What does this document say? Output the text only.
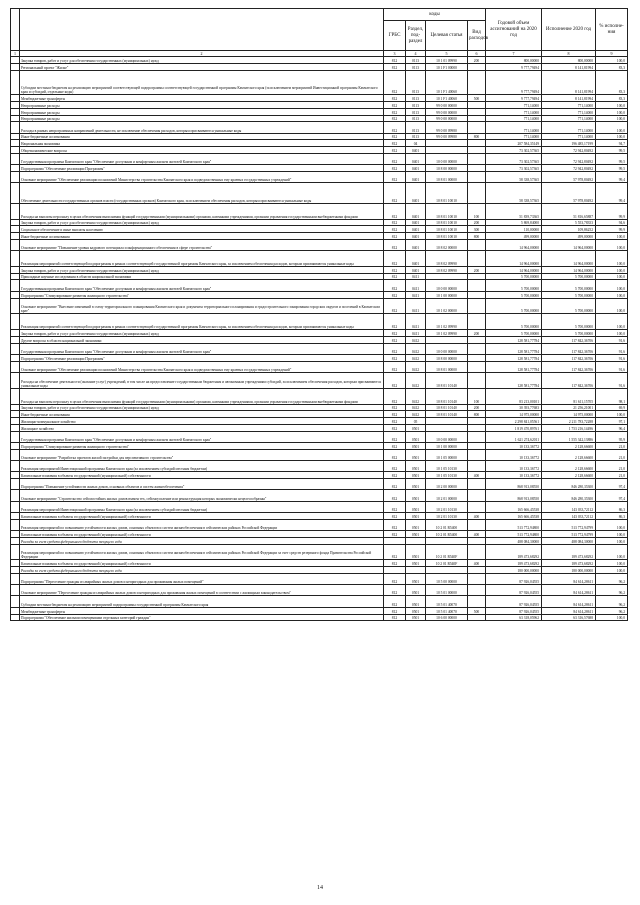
		коды				Годовой объем ассигнований на 2020 год	Исполнение 2020 год	% исполне-ния
		ГРБС	Раздел, под-раздел	Целевая статья	Вид расходов			
1	2	3	4	5	6	7	8	9
	Закупка товаров, работ и услуг для обеспечения государственных (муниципальных) нужд	812	0113	10 1 01 09990	200	800,00000	800,00000	100,0
	Региональный проект "Жилье"	812	0113	10 1 F1 00000		9 777,79494	8 141,81994	83,3
	Субсидии местным бюджетам на реализацию мероприятий соответствующей подпрограммы соответствующей государственной программы Камчатского края (за исключением мероприятий Инвестиционной программы Камчатского края и субсидий, отдельные коды)	812	0113	10 1 F1 40060		9 777,79494	8 141,81994	83,3
	Межбюджетные трансферты	812	0113	10 1 F1 40060	500	9 777,79494	8 141,81994	83,3
	Непрограммные расходы	812	0113	99 0 00 00000		771,14000	771,14000	100,0
	Непрограммные расходы	812	0113	99 0 00 00000		771,14000	771,14000	100,0
	Непрограммные расходы	812	0113	99 0 00 00000		771,14000	771,14000	100,0
	Расходы в рамках непрограммных направлений деятельности, не исключение обеспечения расходов, которым присваиваются уникальные коды	812	0113	99 0 00 09980		771,14000	771,14000	100,0
	Иные бюджетные ассигнования	812	0113	99 0 00 09980	800	771,14000	771,14000	100,0
	Национальная экономика	812	04			207 584,35149	196 485,17199	94,7
	Общеэкономические вопросы	812	0401			73 302,57365	72 942,80492	99,5
	Государственная программа Камчатского края "Обеспечение доступным и комфортным жильем жителей Камчатского края"	812	0401	10 0 00 00000		73 302,57365	72 942,80492	99,5
	Подпрограмма "Обеспечение реализации Программы"	812	0401	10 8 00 00000		73 302,57365	72 942,80492	99,5
	Основное мероприятие "Обеспечение реализации полномочий Министерства строительства Камчатского края и подведомственных ему краевых государственных учреждений"	812	0401	10 8 01 00000		58 338,57365	57 978,80492	99,4
	Обеспечение деятельности государственных органов власти (государственных органов) Камчатского края, за исключением обеспечения расходов, которым присваиваются уникальные коды	812	0401	10 8 01 10010		58 338,57365	57 978,80492	99,4
	Расходы на выплаты персоналу в целях обеспечения выполнения функций государственными (муниципальными) органами, казенными учреждениями, органами управления государственными внебюджетными фондами	812	0401	10 8 01 10010	100	51 839,73365	51 816,65887	99,9
	Закупка товаров, работ и услуг для обеспечения государственных (муниципальных) нужд	812	0401	10 8 01 10010	200	5 869,84000	5 553,78353	94,6
	Социальное обеспечение и иные выплаты населению	812	0401	10 8 01 10010	300	110,00000	109,86252	99,9
	Иные бюджетные ассигнования	812	0401	10 8 01 10010	800	499,00000	499,00000	100,0
	Основное мероприятие "Повышение уровня кадрового потенциала и информационного обеспечения в сфере строительства"	812	0401	10 8 02 00000		14 964,00000	14 964,00000	100,0
	Реализация мероприятий соответствующей подпрограммы в рамках соответствующей государственной программы Камчатского края, за исключением обеспечения расходов, которым присваиваются уникальные коды	812	0401	10 8 02 09990		14 964,00000	14 964,00000	100,0
	Закупка товаров, работ и услуг для обеспечения государственных (муниципальных) нужд	812	0401	10 8 02 09990	200	14 964,00000	14 964,00000	100,0
	Прикладные научные исследования в области национальной экономики	812	0411			5 700,00000	5 700,00000	100,0
	Государственная программа Камчатского края "Обеспечение доступным и комфортным жильем жителей Камчатского края"	812	0411	10 0 00 00000		5 700,00000	5 700,00000	100,0
	Подпрограмма "Стимулирование развития жилищного строительства"	812	0411	10 1 00 00000		5 700,00000	5 700,00000	100,0
	Основное мероприятие "Внесение изменений в схему территориального планирования Камчатского края и документы территориального планирования и градостроительного зонирования городских округов и поселений в Камчатском крае"	812	0411	10 1 02 00000		5 700,00000	5 700,00000	100,0
	Реализация мероприятий соответствующей подпрограммы в рамках соответствующей государственной программы Камчатского края, за исключением обеспечения расходов, которым присваиваются уникальные коды	812	0411	10 1 02 09990		5 700,00000	5 700,00000	100,0
	Закупка товаров, работ и услуг для обеспечения государственных (муниципальных) нужд	812	0411	10 1 02 09990	200	5 700,00000	5 700,00000	100,0
	Другие вопросы в области национальной экономики	812	0412			128 581,77784	117 842,36706	91,6
	Государственная программа Камчатского края "Обеспечение доступным и комфортным жильем жителей Камчатского края"	812	0412	10 0 00 00000		128 581,77784	117 842,36706	91,6
	Подпрограмма "Обеспечение реализации Программы"	812	0412	10 8 00 00000		128 581,77784	117 842,36706	91,6
	Основное мероприятие "Обеспечение реализации полномочий Министерства строительства Камчатского края и подведомственных ему краевых государственных учреждений"	812	0412	10 8 01 00000		128 581,77784	117 842,36706	91,6
	Расходы на обеспечение деятельности (оказание услуг) учреждений, в том числе на предоставление государственным бюджетным и автономным учреждениям субсидий, за исключением обеспечения расходов, которым присваиваются уникальные коды	812	0412	10 8 01 10140		128 581,77784	117 842,36706	91,6
	Расходы на выплаты персоналу в целях обеспечения выполнения функций государственными (муниципальными) органами, казенными учреждениями, органами управления государственными внебюджетными фондами	812	0412	10 8 01 10140	100	83 213,00101	81 611,15705	98,1
	Закупка товаров, работ и услуг для обеспечения государственных (муниципальных) нужд	812	0412	10 8 01 10140	200	30 393,77683	21 256,21001	69,9
	Иные бюджетные ассигнования	812	0412	10 8 01 10140	800	14 975,00000	14 975,00000	100,0
	Жилищно-коммунальное хозяйство	812	05			2 298 841,05561	2 211 783,72288	97,1
	Жилищное хозяйство	812	0501			1 819 470,89761	1 753 216,14496	96,4
	Государственная программа Камчатского края "Обеспечение доступным и комфортным жильем жителей Камчатского края"	812	0501	10 0 00 00000		1 621 274,62011	1 555 342,13886	95,9
	Подпрограмма "Стимулирование развития жилищного строительства"	812	0501	10 1 00 00000		10 133,36772	2 128,66600	21,0
	Основное мероприятие "Разработка проектов жилой застройки для перспективного строительства"	812	0501	10 1 05 00000		10 133,36772	2 128,66600	21,0
	Реализация мероприятий Инвестиционной программы Камчатского края (за исключением субсидий местным бюджетам)	812	0501	10 1 05 10130		10 133,36772	2 128,66600	21,0
	Капитальные вложения в объекты государственной (муниципальной) собственности	812	0501	10 1 05 10130	400	10 133,36772	2 128,66600	21,0
	Подпрограмма "Повышение устойчивости жилых домов, основных объектов и систем жизнеобеспечения"	812	0501	10 2 00 00000		868 913,08550	846 280,35300	97,4
	Основное мероприятие "Строительство сейсмостойких жилых домов взамен тех, сейсмоусиление или реконструкция которых экономически нецелесообразны"	812	0501	10 2 01 00000		868 913,08550	846 280,35300	97,4
	Реализация мероприятий Инвестиционной программы Камчатского края (за исключением субсидий местным бюджетам)	812	0501	10 2 01 10130		165 666,45538	143 033,72112	86,3
	Капитальные вложения в объекты государственной (муниципальной) собственности	812	0501	10 2 01 10130	400	165 666,45538	143 033,72112	86,3
	Реализация мероприятий по повышению устойчивости жилых домов, основных объектов и систем жизнеобеспечения в сейсмических районах Российской Федерации	812	0501	10 2 01 R5400		513 772,94800	513 772,94799	100,0
	Капитальные вложения в объекты государственной (муниципальной) собственности	812	0501	10 2 01 R5400	400	513 772,94800	513 772,94799	100,0
	Расходы за счет средств федерального бюджета текущего года					488 084,30000	488 084,30000	100,0
	Реализация мероприятий по повышению устойчивости жилых домов, основных объектов и систем жизнеобеспечения в сейсмических районах Российской Федерации за счет средств резервного фонда Правительства Российской Федерации	812	0501	10 2 01 R540F		189 473,68292	189 473,68292	100,0
	Капитальные вложения в объекты государственной (муниципальной) собственности	812	0501	10 2 01 R540F	400	189 473,68292	189 473,68292	100,0
	Расходы за счет средств федерального бюджета текущего года					180 000,00000	180 000,00000	100,0
	Подпрограмма "Переселение граждан из аварийных жилых домов и непригодных для проживания жилых помещений"	812	0501	10 5 00 00000		87 926,04555	84 614,28611	96,2
	Основное мероприятие "Переселение граждан из аварийных жилых домов и непригодных для проживания жилых помещений в соответствии с жилищным законодательством"	812	0501	10 5 01 00000		87 926,04555	84 614,28611	96,2
	Субсидии местным бюджетам на реализацию мероприятий подпрограммы государственной программы Камчатского края	812	0501	10 5 01 40070		87 926,04555	84 614,28611	96,2
	Межбюджетные трансферты	812	0501	10 5 01 40070	500	87 926,04555	84 614,28611	96,2
	Подпрограмма "Обеспечение жилыми помещениями отдельных категорий граждан"	812	0501	10 6 00 00000		63 318,05962	63 316,57688	100,0
14
